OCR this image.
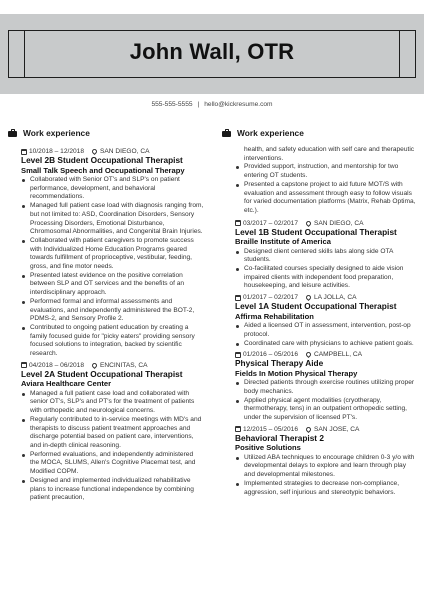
John Wall, OTR
555-555-5555 | hello@kickresume.com
Work experience
10/2018 – 12/2018 SAN DIEGO, CA
Level 2B Student Occupational Therapist
Small Talk Speech and Occupational Therapy
Collaborated with Senior OT's and SLP's on patient performance, development, and behavioral recommendations.
Managed full patient case load with diagnosis ranging from, but not limited to: ASD, Coordination Disorders, Sensory Processing Disorders, Emotional Disturbance, Chromosomal Abnormalities, and Congenital Brain Injuries.
Collaborated with patient caregivers to promote success with Individualized Home Education Programs geared towards fulfillment of proprioceptive, vestibular, feeding, gross, and fine motor needs.
Presented latest evidence on the positive correlation between SLP and OT services and the benefits of an interdisciplinary approach.
Performed formal and informal assessments and evaluations, and independently administered the BOT-2, PDMS-2, and Sensory Profile 2.
Contributed to ongoing patient education by creating a family focused guide for "picky eaters" providing sensory focused solutions to integration, backed by scientific research.
04/2018 – 06/2018 ENCINITAS, CA
Level 2A Student Occupational Therapist
Aviara Healthcare Center
Managed a full patient case load and collaborated with senior OT's, SLP's and PT's for the treatment of patients with orthopedic and neurological concerns.
Regularly contributed to in-service meetings with MD's and therapists to discuss patient treatment approaches and discharge potential based on patient care, interventions, and in-depth clinical reasoning.
Performed evaluations, and independently administered the MOCA, SLUMS, Allen's Cognitive Placemat test, and Modified COPM.
Designed and implemented individualized rehabilitative plans to increase functional independence by combining patient precaution,
Work experience
health, and safety education with self care and therapeutic interventions.
Provided support, instruction, and mentorship for two entering OT students.
Presented a capstone project to aid future MOT/S with evaluation and assessment through easy to follow visuals for varied documentation platforms (Matrix, Rehab Optima, etc.).
03/2017 – 02/2017 SAN DIEGO, CA
Level 1B Student Occupational Therapist
Braille Institute of America
Designed client centered skills labs along side OTA students.
Co-facilitated courses specially designed to aide vision impaired clients with independent food preparation, housekeeping, and leisure activities.
01/2017 – 02/2017 LA JOLLA, CA
Level 1A Student Occupational Therapist
Affirma Rehabilitation
Aided a licensed OT in assessment, intervention, post-op protocol.
Coordinated care with physicians to achieve patient goals.
01/2016 – 05/2016 CAMPBELL, CA
Physical Therapy Aide
Fields In Motion Physical Therapy
Directed patients through exercise routines utilizing proper body mechanics.
Applied physical agent modalities (cryotherapy, thermotherapy, tens) in an outpatient orthopedic setting, under the supervision of licensed PT's.
12/2015 – 05/2016 SAN JOSE, CA
Behavioral Therapist 2
Positive Solutions
Utilized ABA techniques to encourage children 0-3 y/o with developmental delays to explore and learn through play and developmental milestones.
Implemented strategies to decrease non-compliance, aggression, self injurious and stereotypic behaviors.
